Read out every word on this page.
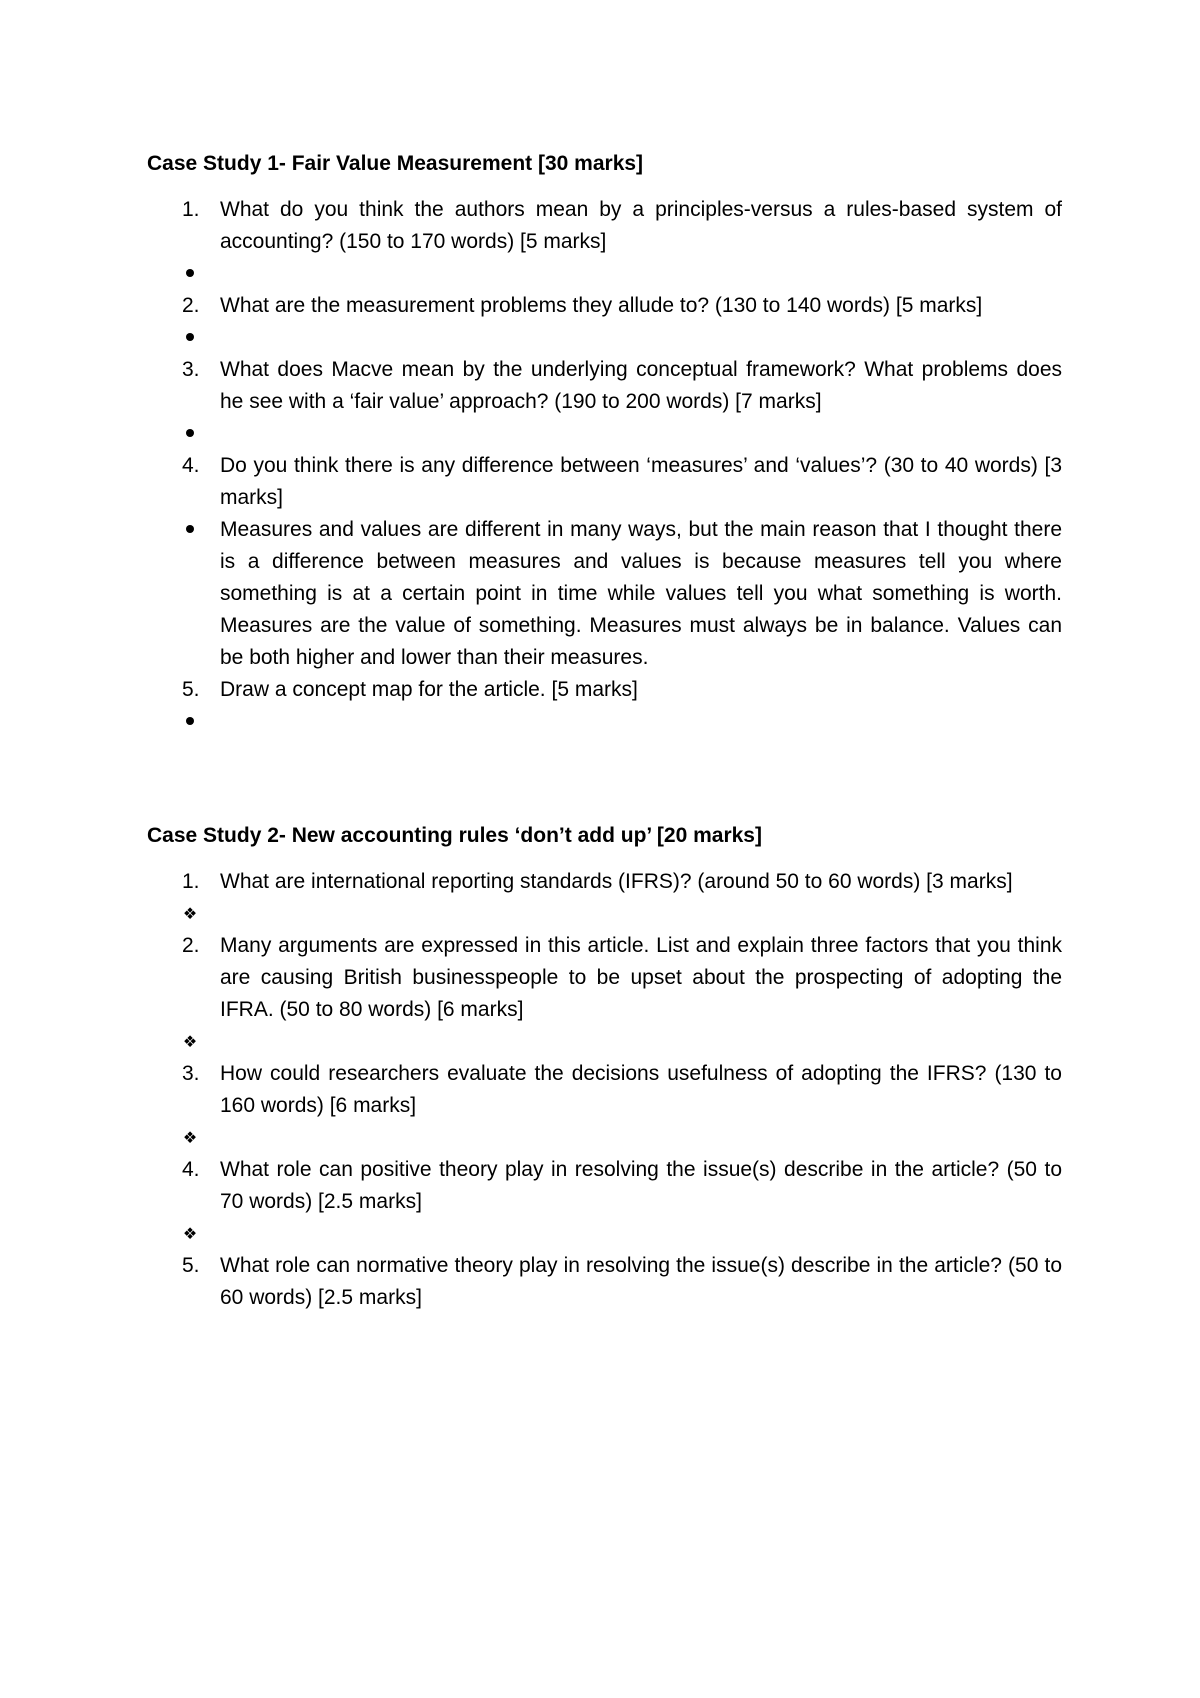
Case Study 1- Fair Value Measurement [30 marks]
1. What do you think the authors mean by a principles-versus a rules-based system of accounting? (150 to 170 words) [5 marks]
2. What are the measurement problems they allude to? (130 to 140 words) [5 marks]
3. What does Macve mean by the underlying conceptual framework? What problems does he see with a ‘fair value’ approach? (190 to 200 words) [7 marks]
4. Do you think there is any difference between ‘measures’ and ‘values’? (30 to 40 words) [3 marks]
Measures and values are different in many ways, but the main reason that I thought there is a difference between measures and values is because measures tell you where something is at a certain point in time while values tell you what something is worth. Measures are the value of something. Measures must always be in balance. Values can be both higher and lower than their measures.
5. Draw a concept map for the article. [5 marks]
Case Study 2- New accounting rules ‘don’t add up’ [20 marks]
1. What are international reporting standards (IFRS)? (around 50 to 60 words) [3 marks]
❖
2. Many arguments are expressed in this article. List and explain three factors that you think are causing British businesspeople to be upset about the prospecting of adopting the IFRA. (50 to 80 words) [6 marks]
❖
3. How could researchers evaluate the decisions usefulness of adopting the IFRS? (130 to 160 words) [6 marks]
❖
4. What role can positive theory play in resolving the issue(s) describe in the article? (50 to 70 words) [2.5 marks]
❖
5. What role can normative theory play in resolving the issue(s) describe in the article? (50 to 60 words) [2.5 marks]
